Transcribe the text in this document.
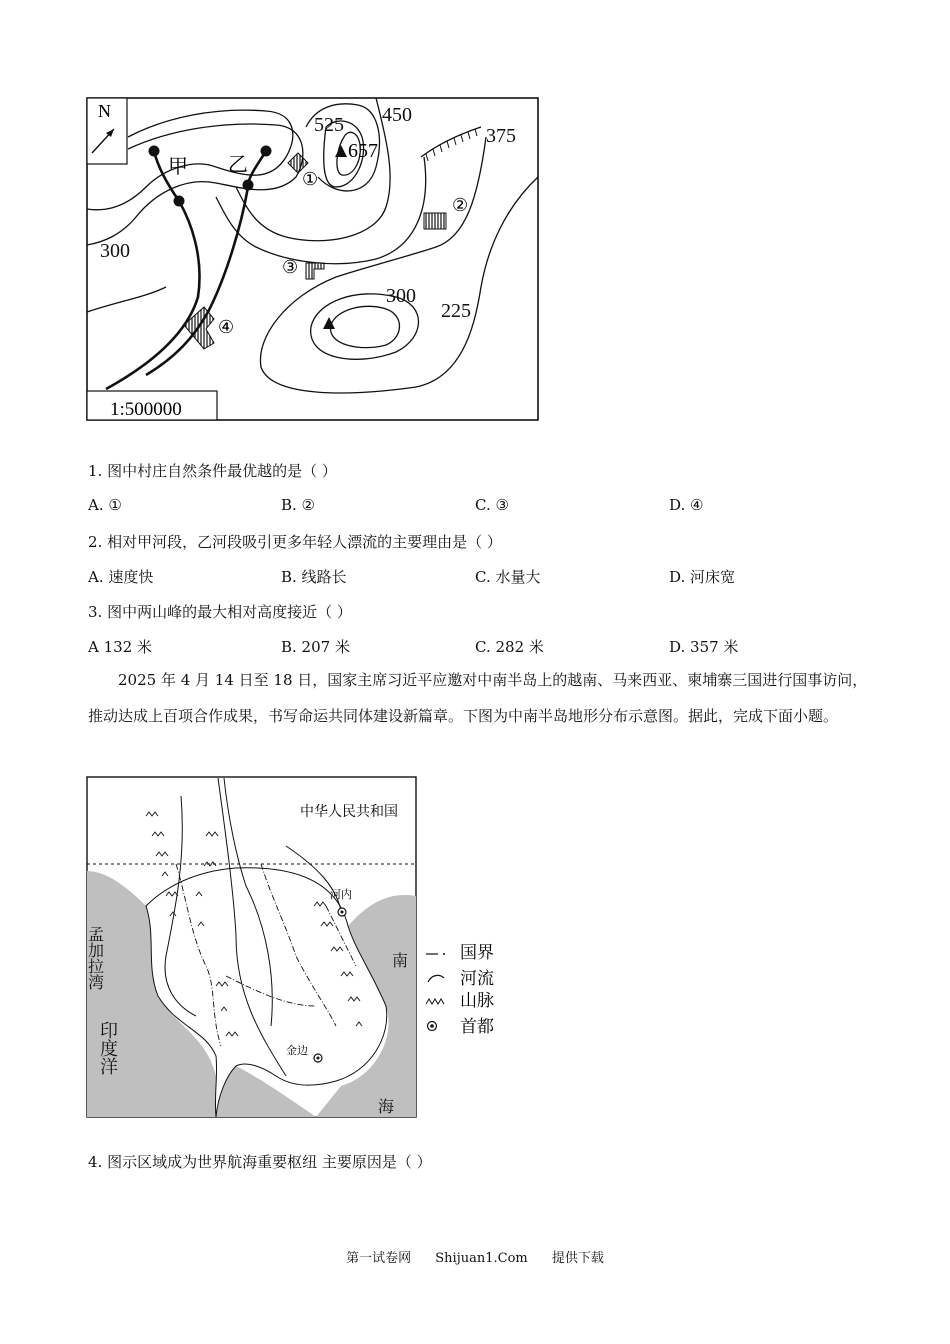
N
525 450
375
300
300
225
657
甲 乙
①
②
③
④
1:500000
1. 图中村庄自然条件最优越的是（ ）
A. ①	B. ②	C. ③	D. ④
2. 相对甲河段，乙河段吸引更多年轻人漂流的主要理由是（ ）
A. 速度快	B. 线路长	C. 水量大	D. 河床宽
3. 图中两山峰的最大相对高度接近（ ）
A 132 米	B. 207 米	C. 282 米	D. 357 米
2025 年 4 月 14 日至 18 日，国家主席习近平应邀对中南半岛上的越南、马来西亚、柬埔寨三国进行国事访问，推动达成上百项合作成果，书写命运共同体建设新篇章。下图为中南半岛地形分布示意图。据此，完成下面小题。
河内
金边
中华人民共和国
孟加拉湾
印度洋
南
海
国界
河流
山脉
首都
4. 图示区域成为世界航海重要枢纽 主要原因是（ ）
第一试卷网 Shijuan1.Com 提供下载
